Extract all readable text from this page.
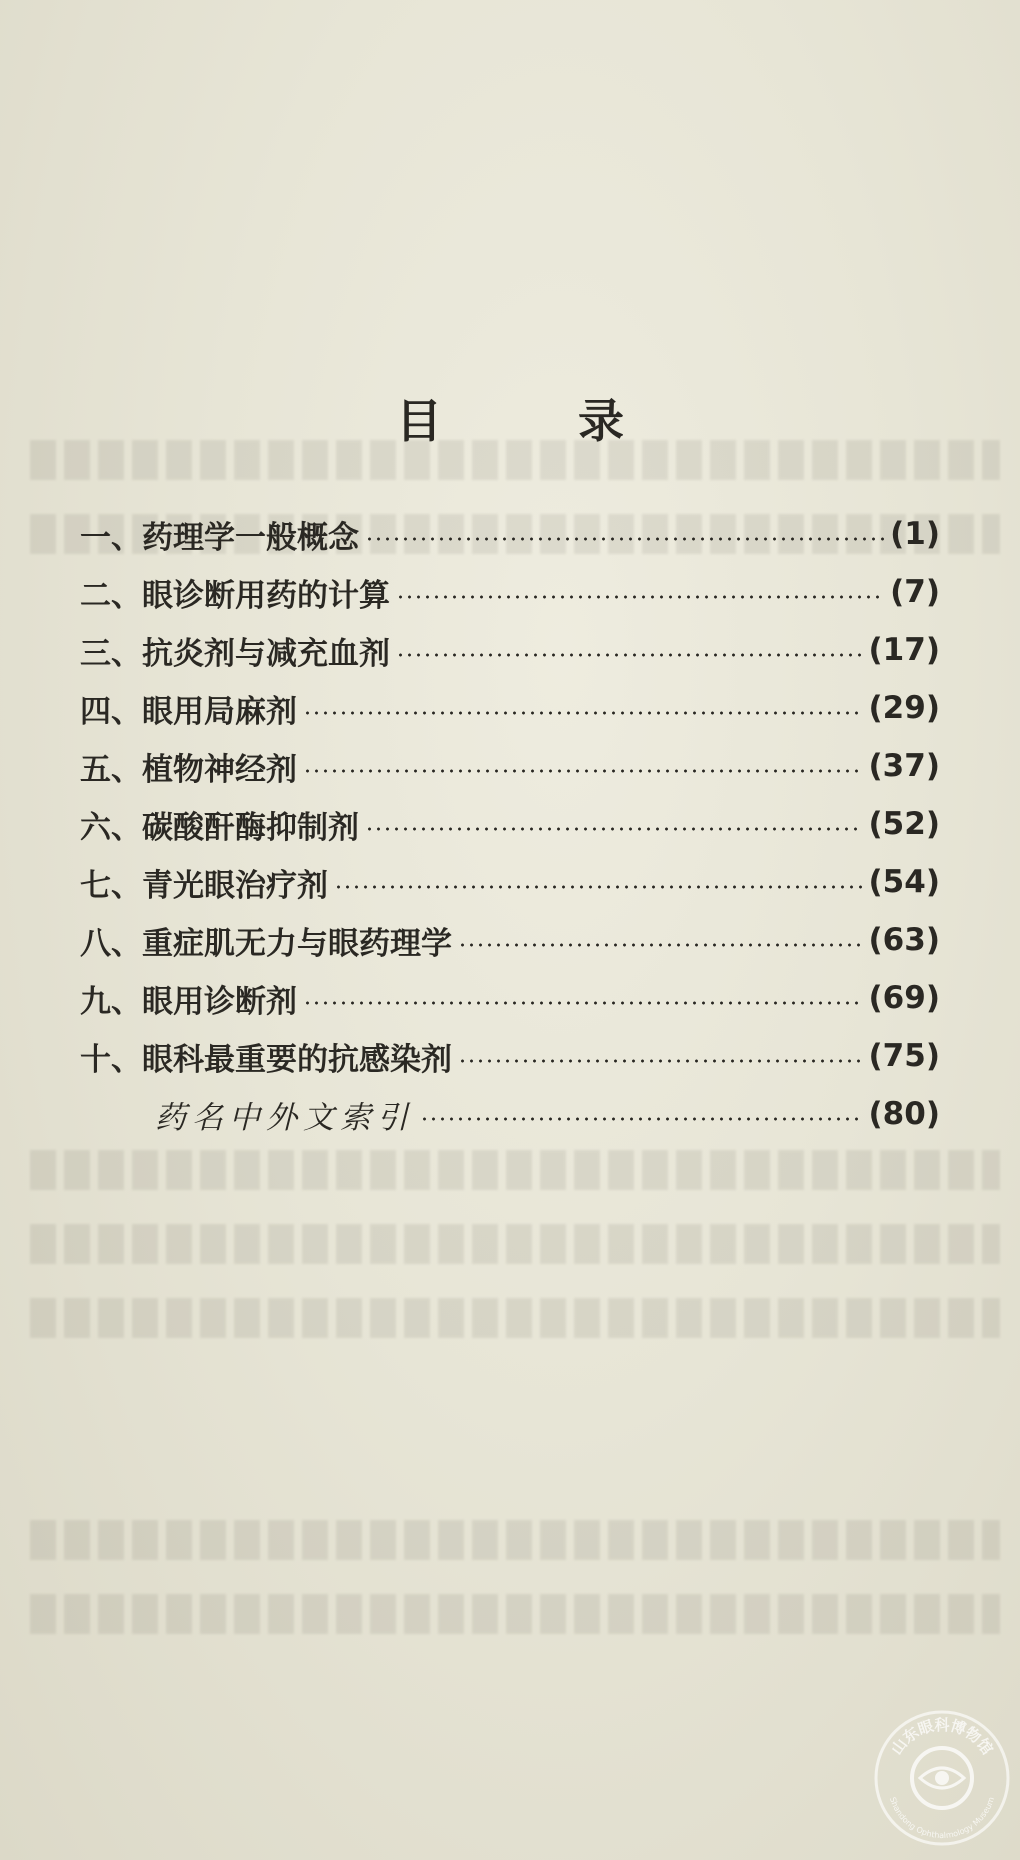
目 录
一、药理学一般概念	(1)
二、眼诊断用药的计算	(7)
三、抗炎剂与减充血剂	(17)
四、眼用局麻剂	(29)
五、植物神经剂	(37)
六、碳酸酐酶抑制剂	(52)
七、青光眼治疗剂	(54)
八、重症肌无力与眼药理学	(63)
九、眼用诊断剂	(69)
十、眼科最重要的抗感染剂	(75)
药名中外文索引	(80)
山东眼科博物馆
Shandong Ophthalmology Museum
